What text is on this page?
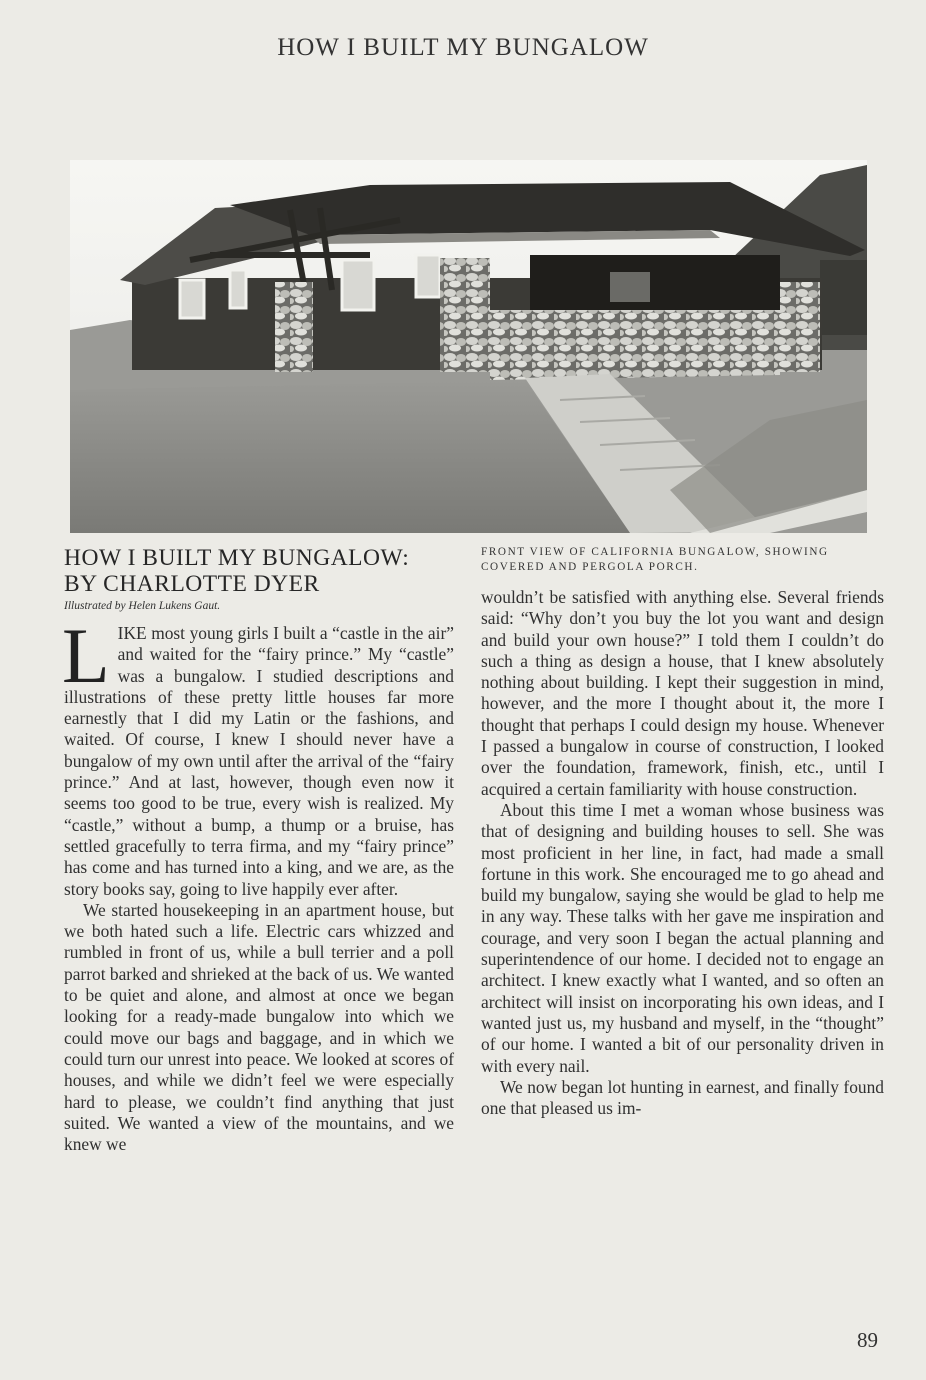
HOW I BUILT MY BUNGALOW
HOW I BUILT MY BUNGALOW:
BY CHARLOTTE DYER
Illustrated by Helen Lukens Gaut.

LIKE most young girls I built a “castle in the air” and waited for the “fairy prince.” My “castle” was a bungalow. I studied descriptions and illustrations of these pretty little houses far more earnestly that I did my Latin or the fashions, and waited. Of course, I knew I should never have a bungalow of my own until after the arrival of the “fairy prince.” And at last, however, though even now it seems too good to be true, every wish is realized. My “castle,” without a bump, a thump or a bruise, has settled gracefully to terra firma, and my “fairy prince” has come and has turned into a king, and we are, as the story books say, going to live happily ever after.

We started housekeeping in an apartment house, but we both hated such a life. Electric cars whizzed and rumbled in front of us, while a bull terrier and a poll parrot barked and shrieked at the back of us. We wanted to be quiet and alone, and almost at once we began looking for a ready-made bungalow into which we could move our bags and baggage, and in which we could turn our unrest into peace. We looked at scores of houses, and while we didn’t feel we were especially hard to please, we couldn’t find anything that just suited. We wanted a view of the mountains, and we knew we

FRONT VIEW OF CALIFORNIA BUNGALOW, SHOWING COVERED AND PERGOLA PORCH.

wouldn’t be satisfied with anything else. Several friends said: “Why don’t you buy the lot you want and design and build your own house?” I told them I couldn’t do such a thing as design a house, that I knew absolutely nothing about building. I kept their suggestion in mind, however, and the more I thought about it, the more I thought that perhaps I could design my house. Whenever I passed a bungalow in course of construction, I looked over the foundation, framework, finish, etc., until I acquired a certain familiarity with house construction.

About this time I met a woman whose business was that of designing and building houses to sell. She was most proficient in her line, in fact, had made a small fortune in this work. She encouraged me to go ahead and build my bungalow, saying she would be glad to help me in any way. These talks with her gave me inspiration and courage, and very soon I began the actual planning and superintendence of our home. I decided not to engage an architect. I knew exactly what I wanted, and so often an architect will insist on incorporating his own ideas, and I wanted just us, my husband and myself, in the “thought” of our home. I wanted a bit of our personality driven in with every nail.

We now began lot hunting in earnest, and finally found one that pleased us im-

89
